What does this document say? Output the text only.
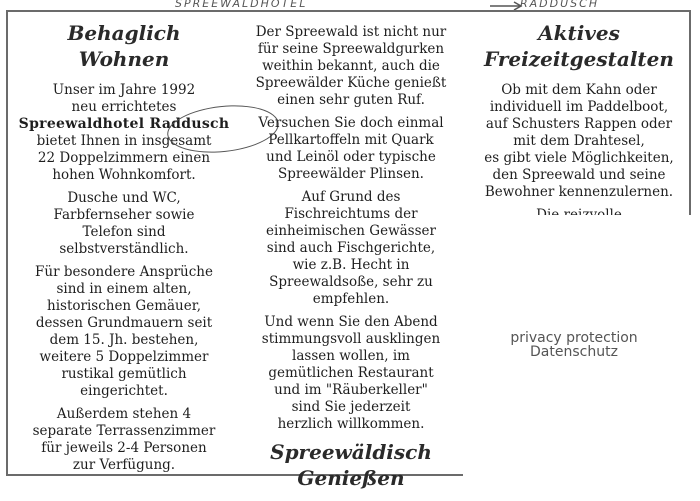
SPREEWALDHOTEL	RADDUSCH
Behaglich
Wohnen

Unser im Jahre 1992
neu errichtetes
Spreewaldhotel Raddusch

bietet Ihnen in insgesamt
22 Doppelzimmern einen
hohen Wohnkomfort.

Dusche und WC,
Farbfernseher sowie
Telefon sind
selbstverständlich.

Für besondere Ansprüche
sind in einem alten,
historischen Gemäuer,
dessen Grundmauern seit
dem 15. Jh. bestehen,
weitere 5 Doppelzimmer
rustikal gemütlich
eingerichtet.

Außerdem stehen 4
separate Terrassenzimmer
für jeweils 2-4 Personen
zur Verfügung.

Der Spreewald ist nicht nur
für seine Spreewaldgurken
weithin bekannt, auch die
Spreewälder Küche genießt
einen sehr guten Ruf.

Versuchen Sie doch einmal
Pellkartoffeln mit Quark
und Leinöl oder typische
Spreewälder Plinsen.

Auf Grund des
Fischreichtums der
einheimischen Gewässer
sind auch Fischgerichte,
wie z.B. Hecht in
Spreewaldsoße, sehr zu
empfehlen.

Und wenn Sie den Abend
stimmungsvoll ausklingen
lassen wollen, im
gemütlichen Restaurant
und im "Räuberkeller"
sind Sie jederzeit
herzlich willkommen.

Spreewäldisch
Genießen
Aktives
Freizeitgestalten

Ob mit dem Kahn oder
individuell im Paddelboot,
auf Schusters Rappen oder
mit dem Drahtesel,
es gibt viele Möglichkeiten,
den Spreewald und seine
Bewohner kennenzulernen.

privacy protection
Datenschutz
